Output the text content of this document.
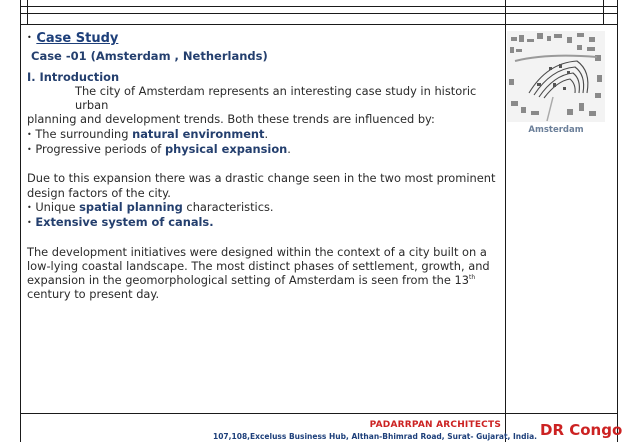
• Case Study
Case -01 (Amsterdam , Netherlands)
I. Introduction
The city of Amsterdam represents an interesting case study in historic urban
planning and development trends. Both these trends are influenced by:
• The surrounding natural environment.
• Progressive periods of physical expansion.
Due to this expansion there was a drastic change seen in the two most prominent design factors of the city.
• Unique spatial planning characteristics.
• Extensive system of canals.
The development initiatives were designed within the context of a city built on a low-lying coastal landscape. The most distinct phases of settlement, growth, and expansion in the geomorphological setting of Amsterdam is seen from the 13th century to present day.
Amsterdam
PADARRPAN ARCHITECTS
107,108,Exceluss Business Hub, Althan-Bhimrad Road, Surat- Gujarat, India. DR Congo
